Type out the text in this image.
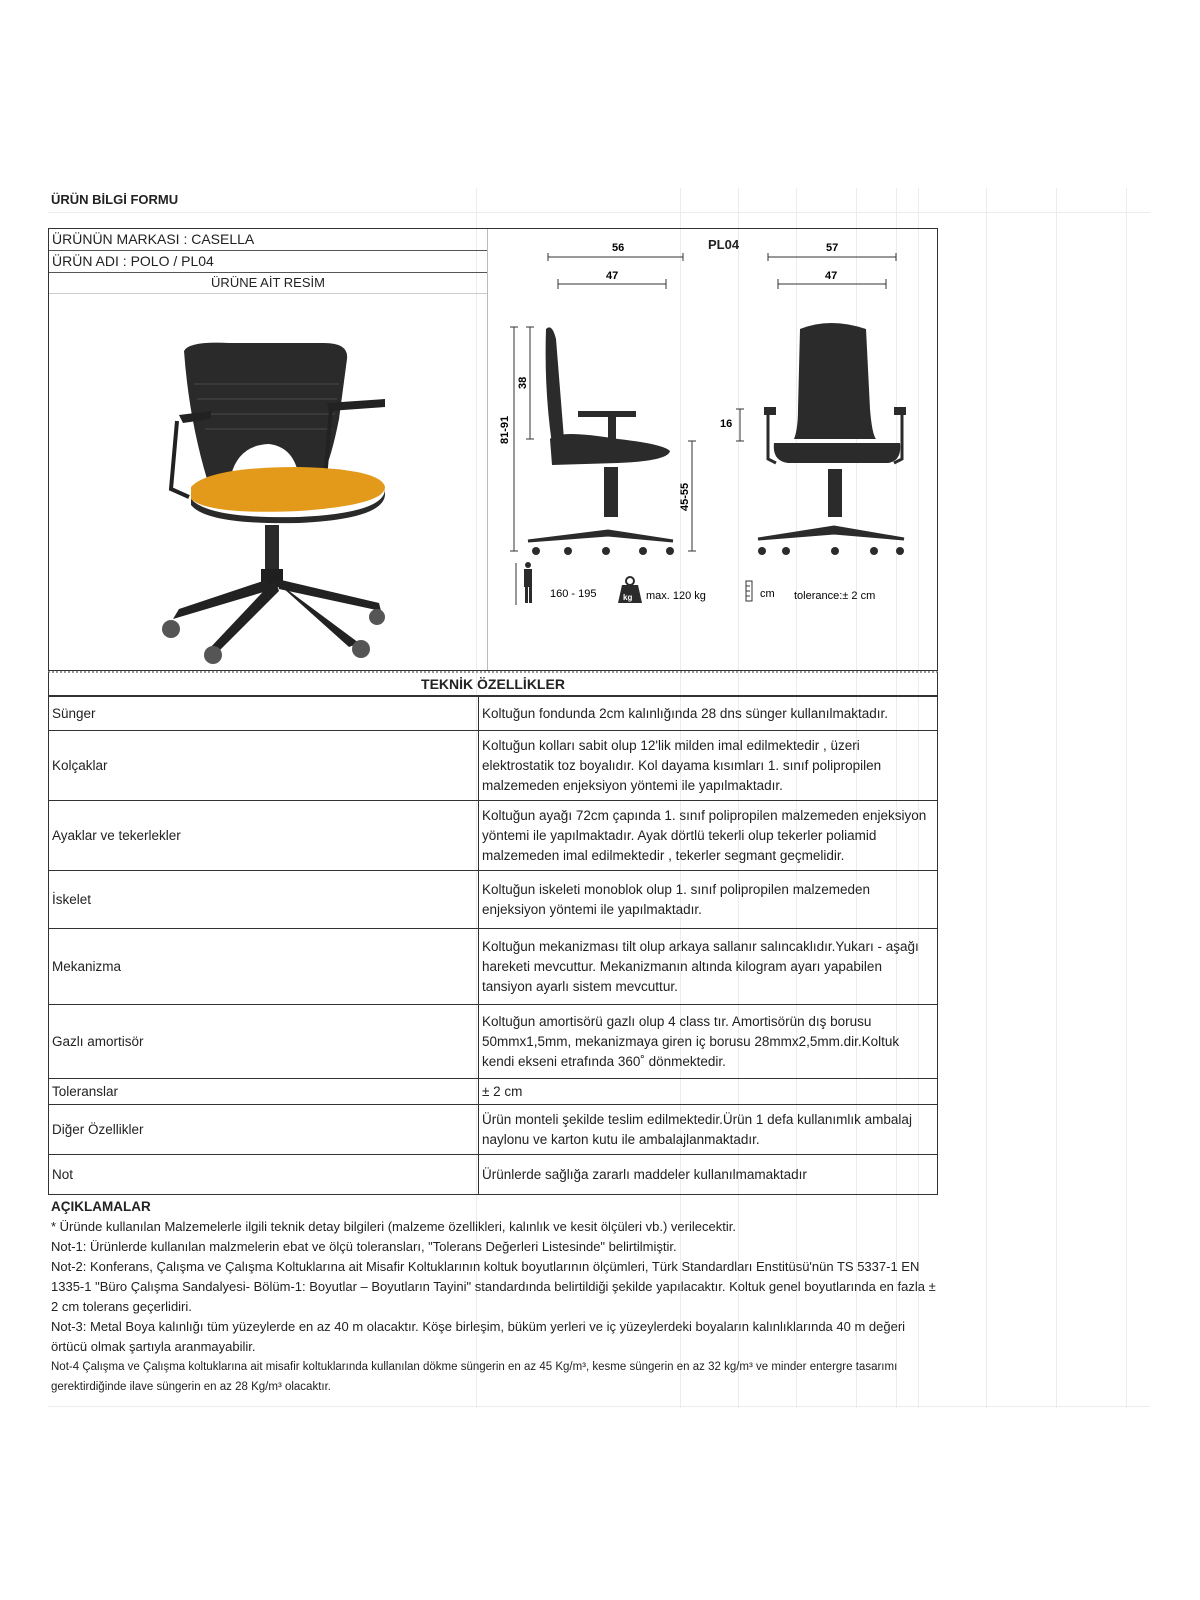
ÜRÜN BİLGİ FORMU
ÜRÜNÜN MARKASI : CASELLA
ÜRÜN ADI : POLO / PL04
ÜRÜNE AİT RESİM
PL04
56
47
57
47
81-91
38
45-55
16
160 - 195	kg max. 120 kg	cm tolerance:± 2 cm
TEKNİK ÖZELLİKLER
Sünger	Koltuğun fondunda 2cm kalınlığında 28 dns sünger kullanılmaktadır.
Kolçaklar	Koltuğun kolları sabit olup 12'lik milden imal edilmektedir , üzeri elektrostatik toz boyalıdır. Kol dayama kısımları 1. sınıf polipropilen malzemeden enjeksiyon yöntemi ile yapılmaktadır.
Ayaklar ve tekerlekler	Koltuğun ayağı 72cm çapında 1. sınıf polipropilen malzemeden enjeksiyon yöntemi ile yapılmaktadır. Ayak dörtlü tekerli olup tekerler poliamid malzemeden imal edilmektedir , tekerler segmant geçmelidir.
İskelet	Koltuğun iskeleti monoblok olup 1. sınıf polipropilen malzemeden enjeksiyon yöntemi ile yapılmaktadır.
Mekanizma	Koltuğun mekanizması tilt olup arkaya sallanır salıncaklıdır.Yukarı - aşağı hareketi mevcuttur. Mekanizmanın altında kilogram ayarı yapabilen tansiyon ayarlı sistem mevcuttur.
Gazlı amortisör	Koltuğun amortisörü gazlı olup 4 class tır. Amortisörün dış borusu 50mmx1,5mm, mekanizmaya giren iç borusu 28mmx2,5mm.dir.Koltuk kendi ekseni etrafında 360˚ dönmektedir.
Toleranslar	± 2 cm
Diğer Özellikler	Ürün monteli şekilde teslim edilmektedir.Ürün 1 defa kullanımlık ambalaj naylonu ve karton kutu ile ambalajlanmaktadır.
Not	Ürünlerde sağlığa zararlı maddeler kullanılmamaktadır
AÇIKLAMALAR
* Üründe kullanılan Malzemelerle ilgili teknik detay bilgileri (malzeme özellikleri, kalınlık ve kesit ölçüleri vb.) verilecektir.
Not-1: Ürünlerde kullanılan malzmelerin ebat ve ölçü toleransları, "Tolerans Değerleri Listesinde" belirtilmiştir.
Not-2: Konferans, Çalışma ve Çalışma Koltuklarına ait Misafir Koltuklarının koltuk boyutlarının ölçümleri, Türk Standardları Enstitüsü'nün TS 5337-1 EN 1335-1 "Büro Çalışma Sandalyesi- Bölüm-1: Boyutlar – Boyutların Tayini" standardında belirtildiği şekilde yapılacaktır. Koltuk genel boyutlarında en fazla ± 2 cm tolerans geçerlidiri.
Not-3: Metal Boya kalınlığı tüm yüzeylerde en az 40 m olacaktır. Köşe birleşim, büküm yerleri ve iç yüzeylerdeki boyaların kalınlıklarında 40 m değeri örtücü olmak şartıyla aranmayabilir.
Not-4 Çalışma ve Çalışma koltuklarına ait misafir koltuklarında kullanılan dökme süngerin en az 45 Kg/m³, kesme süngerin en az 32 kg/m³ ve minder entergre tasarımı gerektirdiğinde ilave süngerin en az 28 Kg/m³ olacaktır.
